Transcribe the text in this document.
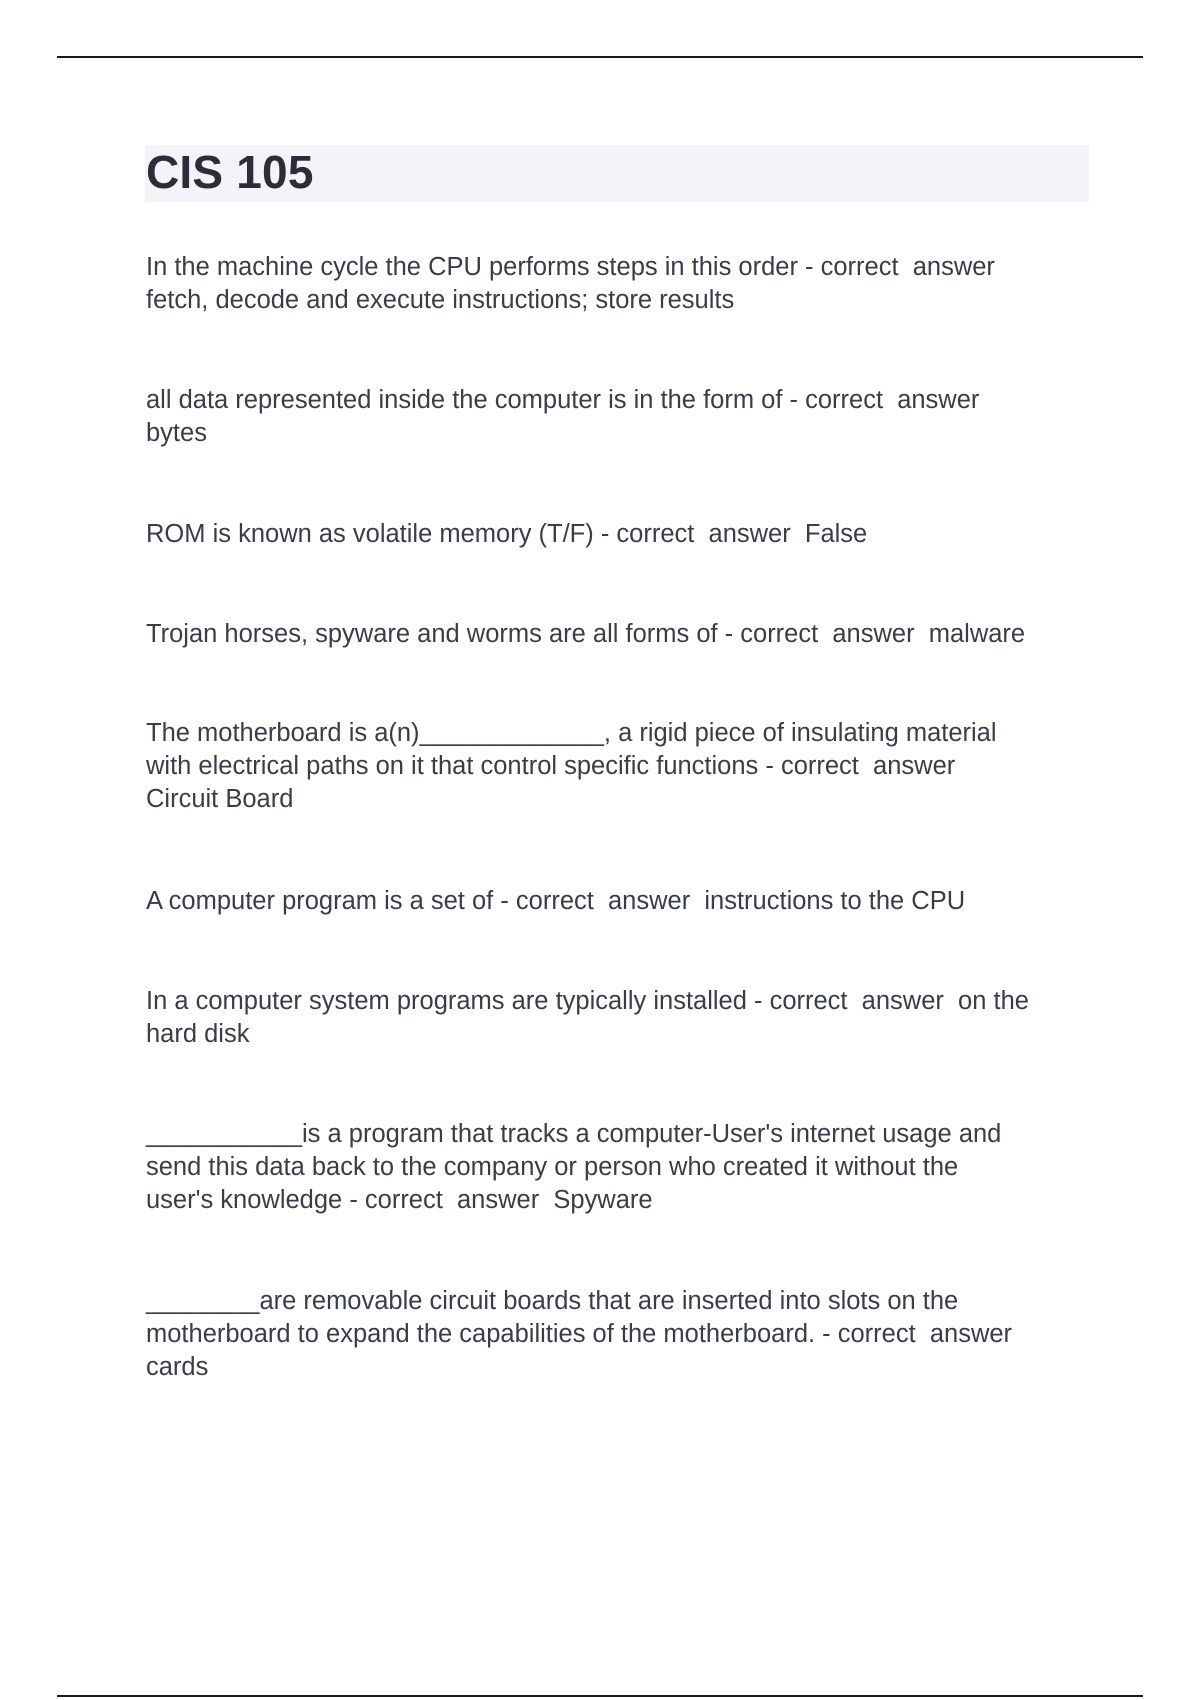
CIS 105

In the machine cycle the CPU performs steps in this order - correct  answer
fetch, decode and execute instructions; store results

all data represented inside the computer is in the form of - correct  answer
bytes

ROM is known as volatile memory (T/F) - correct  answer  False

Trojan horses, spyware and worms are all forms of - correct  answer  malware

The motherboard is a(n)_____________, a rigid piece of insulating material
with electrical paths on it that control specific functions - correct  answer
Circuit Board

A computer program is a set of - correct  answer  instructions to the CPU

In a computer system programs are typically installed - correct  answer  on the
hard disk

___________is a program that tracks a computer-User's internet usage and
send this data back to the company or person who created it without the
user's knowledge - correct  answer  Spyware

________are removable circuit boards that are inserted into slots on the
motherboard to expand the capabilities of the motherboard. - correct  answer
cards
